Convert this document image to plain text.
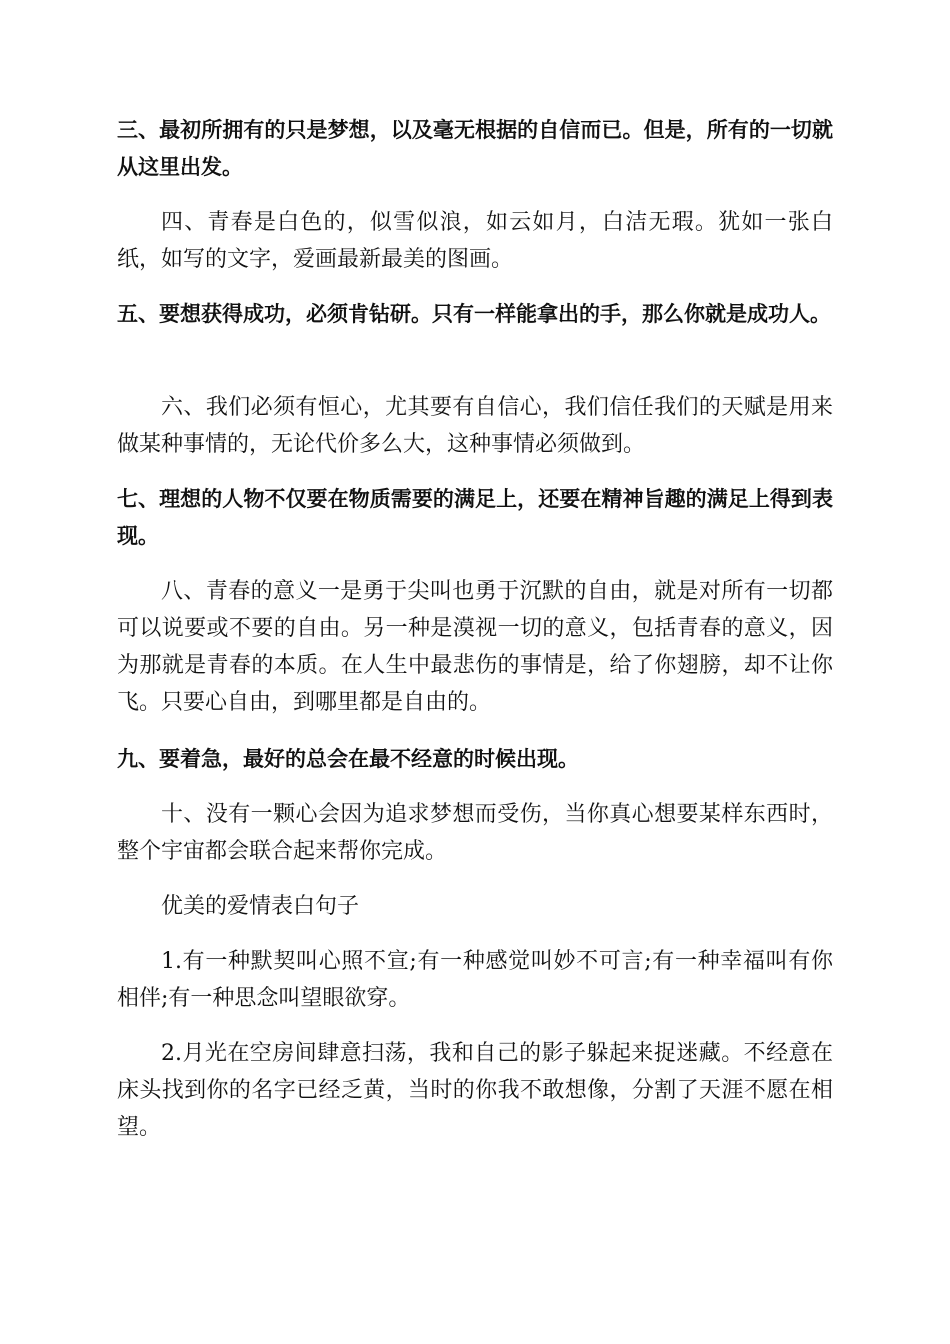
三、最初所拥有的只是梦想，以及毫无根据的自信而已。但是，所有的一切就从这里出发。

四、青春是白色的，似雪似浪，如云如月，白洁无瑕。犹如一张白纸，如写的文字，爱画最新最美的图画。

五、要想获得成功，必须肯钻研。只有一样能拿出的手，那么你就是成功人。

六、我们必须有恒心，尤其要有自信心，我们信任我们的天赋是用来做某种事情的，无论代价多么大，这种事情必须做到。

七、理想的人物不仅要在物质需要的满足上，还要在精神旨趣的满足上得到表现。

八、青春的意义一是勇于尖叫也勇于沉默的自由，就是对所有一切都可以说要或不要的自由。另一种是漠视一切的意义，包括青春的意义，因为那就是青春的本质。在人生中最悲伤的事情是，给了你翅膀，却不让你飞。只要心自由，到哪里都是自由的。

九、要着急，最好的总会在最不经意的时候出现。

十、没有一颗心会因为追求梦想而受伤，当你真心想要某样东西时，整个宇宙都会联合起来帮你完成。

优美的爱情表白句子

1.有一种默契叫心照不宣;有一种感觉叫妙不可言;有一种幸福叫有你相伴;有一种思念叫望眼欲穿。

2.月光在空房间肆意扫荡，我和自己的影子躲起来捉迷藏。不经意在床头找到你的名字已经乏黄，当时的你我不敢想像，分割了天涯不愿在相望。
